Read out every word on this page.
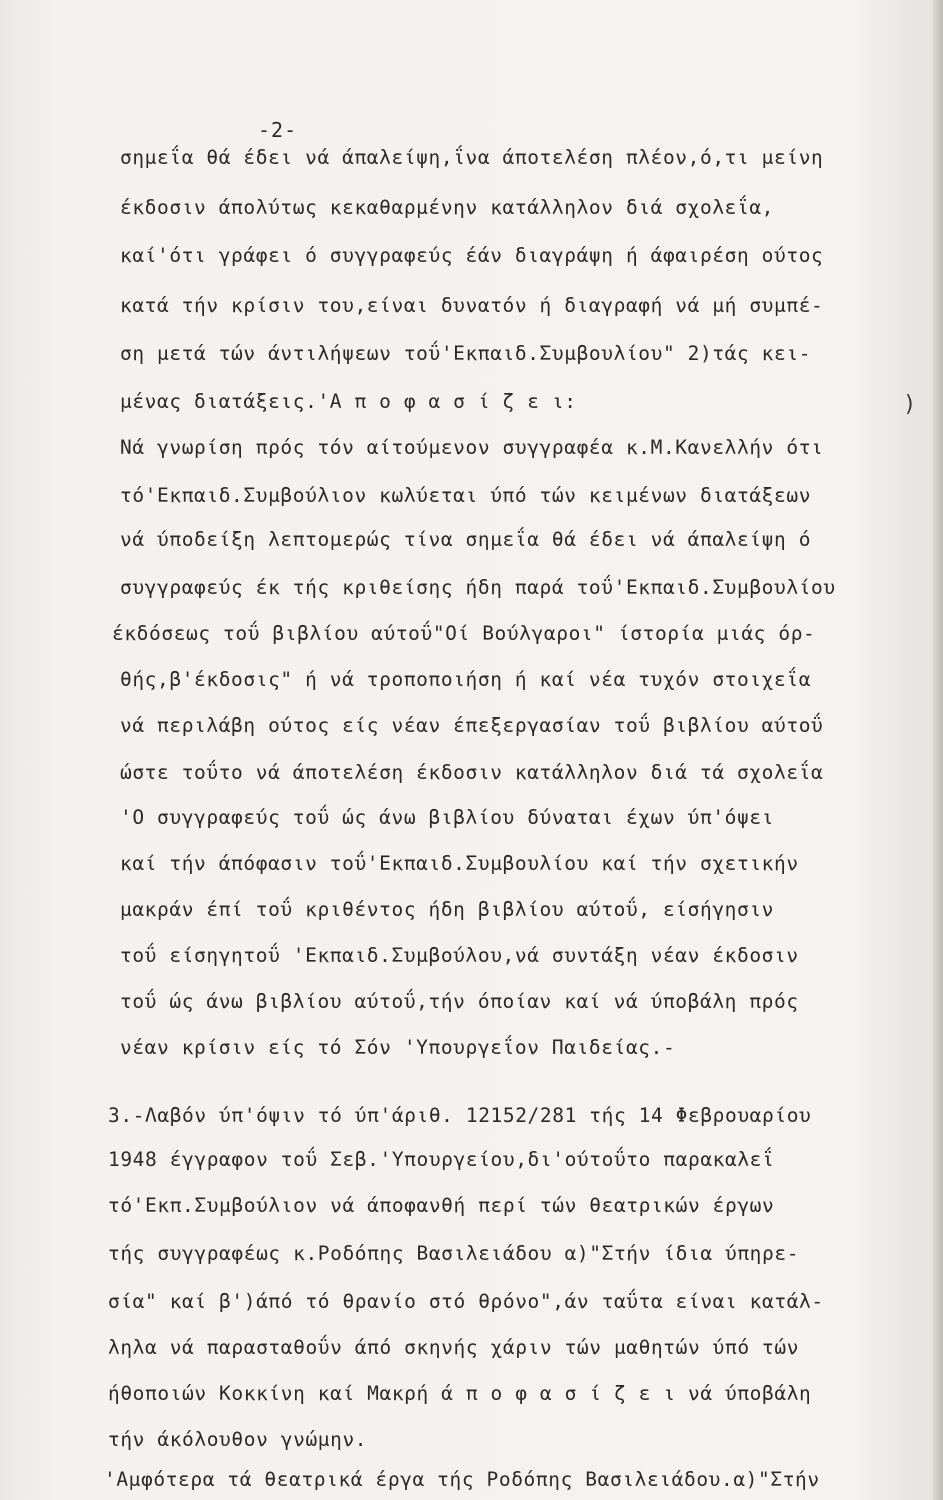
-2-
σημεΐα θά έδει νά άπαλείψη,ΐνα άποτελέση πλέον,ό,τι μείνη
έκδοσιν άπολύτως κεκαθαρμένην κατάλληλον διά σχολεΐα,
καί'ότι γράφει ό συγγραφεύς έάν διαγράψη ή άφαιρέση ούτος
κατά τήν κρίσιν του,είναι δυνατόν ή διαγραφή νά μή συμπέ-
ση μετά τών άντιλήψεων τοΰ'Εκπαιδ.Συμβουλίου" 2)τάς κει-
μένας διατάξεις.'Α π ο φ α σ ί ζ ε ι:
Νά γνωρίση πρός τόν αίτούμενον συγγραφέα κ.Μ.Κανελλήν ότι
τό'Εκπαιδ.Συμβούλιον κωλύεται ύπό τών κειμένων διατάξεων
νά ύποδείξη λεπτομερώς τίνα σημεΐα θά έδει νά άπαλείψη ό
συγγραφεύς έκ τής κριθείσης ήδη παρά τοΰ'Εκπαιδ.Συμβουλίου
έκδόσεως τοΰ βιβλίου αύτοΰ"Οί Βούλγαροι" ίστορία μιάς όρ-
θής,β'έκδοσις" ή νά τροποποιήση ή καί νέα τυχόν στοιχεΐα
νά περιλάβη ούτος είς νέαν έπεξεργασίαν τοΰ βιβλίου αύτοΰ
ώστε τοΰτο νά άποτελέση έκδοσιν κατάλληλον διά τά σχολεΐα
'Ο συγγραφεύς τοΰ ώς άνω βιβλίου δύναται έχων ύπ'όψει
καί τήν άπόφασιν τοΰ'Εκπαιδ.Συμβουλίου καί τήν σχετικήν
μακράν έπί τοΰ κριθέντος ήδη βιβλίου αύτοΰ, είσήγησιν
τοΰ είσηγητοΰ 'Εκπαιδ.Συμβούλου,νά συντάξη νέαν έκδοσιν
τοΰ ώς άνω βιβλίου αύτοΰ,τήν όποίαν καί νά ύποβάλη πρός
νέαν κρίσιν είς τό Σόν 'Υπουργεΐον Παιδείας.-
3.-Λαβόν ύπ'όψιν τό ύπ'άριθ. 12152/281 τής 14 Φεβρουαρίου
1948 έγγραφον τοΰ Σεβ.'Υπουργείου,δι'ούτοΰτο παρακαλεΐ
τό'Εκπ.Συμβούλιον νά άποφανθή περί τών θεατρικών έργων
τής συγγραφέως κ.Ροδόπης Βασιλειάδου α)"Στήν ίδια ύπηρε-
σία" καί β')άπό τό θρανίο στό θρόνο",άν ταΰτα είναι κατάλ-
ληλα νά παρασταθοΰν άπό σκηνής χάριν τών μαθητών ύπό τών
ήθοποιών Κοκκίνη καί Μακρή ά π ο φ α σ ί ζ ε ι νά ύποβάλη
τήν άκόλουθον γνώμην.
'Αμφότερα τά θεατρικά έργα τής Ροδόπης Βασιλειάδου.α)"Στήν
)
